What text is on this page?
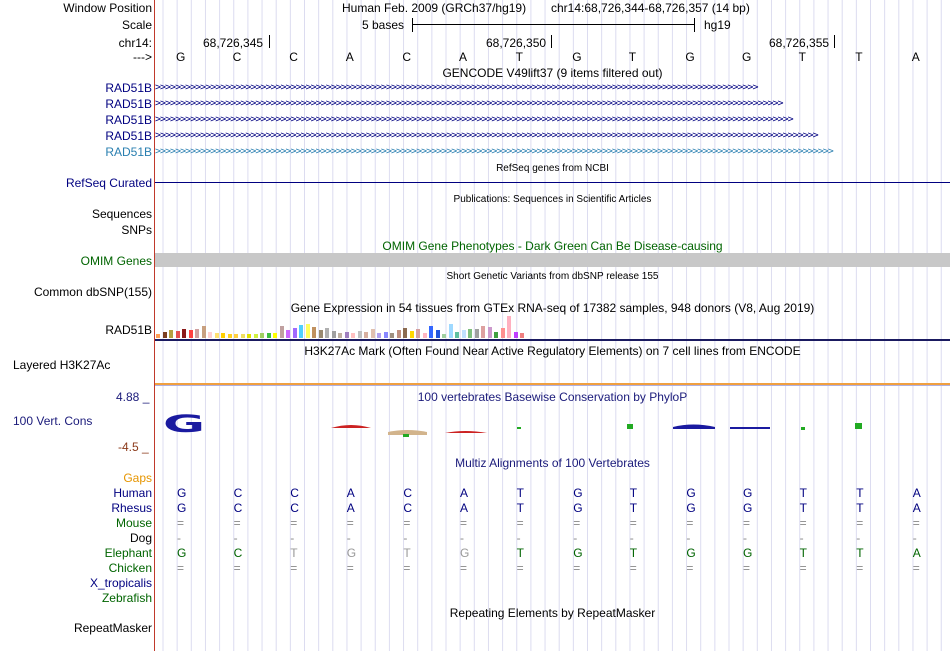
Window Position	Human Feb. 2009 (GRCh37/hg19) chr14:68,726,344-68,726,357 (14 bp)
Scale	5 bases	hg19
chr14:	68,726,345	68,726,350	68,726,355
---> G	C	C	A	C	A	T	G	T	G	G	T	T	A
GENCODE V49lift37 (9 items filtered out)
RAD51B
RAD51B
RAD51B
RAD51B
RAD51B
>>>>>>>>>>>>>>>>>>>>>>>>>>>>>>>>>>>>>>>>>>>>>>>>>>>>>>>>>>>>>>>>>>>>>>>>>>>>>>>>>>>>>>>>>>>>>>>>>>>>>>>>>>>>>>>>>>>>>>>>
>>>>>>>>>>>>>>>>>>>>>>>>>>>>>>>>>>>>>>>>>>>>>>>>>>>>>>>>>>>>>>>>>>>>>>>>>>>>>>>>>>>>>>>>>>>>>>>>>>>>>>>>>>>>>>>>>>>>>>>>>>>>>
>>>>>>>>>>>>>>>>>>>>>>>>>>>>>>>>>>>>>>>>>>>>>>>>>>>>>>>>>>>>>>>>>>>>>>>>>>>>>>>>>>>>>>>>>>>>>>>>>>>>>>>>>>>>>>>>>>>>>>>>>>>>>>>
>>>>>>>>>>>>>>>>>>>>>>>>>>>>>>>>>>>>>>>>>>>>>>>>>>>>>>>>>>>>>>>>>>>>>>>>>>>>>>>>>>>>>>>>>>>>>>>>>>>>>>>>>>>>>>>>>>>>>>>>>>>>>>>>>>>>
>>>>>>>>>>>>>>>>>>>>>>>>>>>>>>>>>>>>>>>>>>>>>>>>>>>>>>>>>>>>>>>>>>>>>>>>>>>>>>>>>>>>>>>>>>>>>>>>>>>>>>>>>>>>>>>>>>>>>>>>>>>>>>>>>>>>>>>
RefSeq genes from NCBI
RefSeq Curated
Publications: Sequences in Scientific Articles
Sequences
SNPs
OMIM Gene Phenotypes - Dark Green Can Be Disease-causing
OMIM Genes
Short Genetic Variants from dbSNP release 155
Common dbSNP(155)
Gene Expression in 54 tissues from GTEx RNA-seq of 17382 samples, 948 donors (V8, Aug 2019)
RAD51B
H3K27Ac Mark (Often Found Near Active Regulatory Elements) on 7 cell lines from ENCODE
Layered H3K27Ac
4.88 _	100 vertebrates Basewise Conservation by PhyloP
100 Vert. Cons
-4.5 _
G
Multiz Alignments of 100 Vertebrates
Gaps
Human G	C	C	A	C	A	T	G	T	G	G	T	T	A
Rhesus G	C	C	A	C	A	T	G	T	G	G	T	T	A
Mouse =	=	=	=	=	=	=	=	=	=	=	=	=	=
Dog -	-	-	-	-	-	-	-	-	-	-	-	-	-
Elephant G	C	T	G	T	G	T	G	T	G	G	T	T	A
Chicken =	=	=	=	=	=	=	=	=	=	=	=	=	=
X_tropicalis
Zebrafish
Repeating Elements by RepeatMasker
RepeatMasker
